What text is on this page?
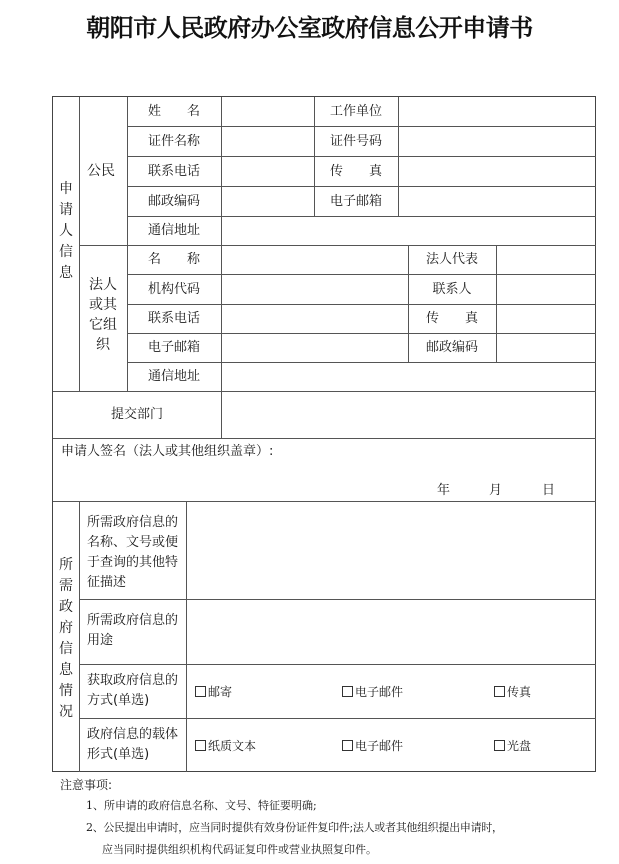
朝阳市人民政府办公室政府信息公开申请书
申请人信息
公民
法人或其它组织
姓　　名	工作单位
证件名称	证件号码
联系电话	传　　真
邮政编码	电子邮箱
通信地址
名　　称	法人代表
机构代码	联系人
联系电话	传　　真
电子邮箱	邮政编码
通信地址
提交部门
申请人签名（法人或其他组织盖章）:
年	月	日
所需政府信息情况
所需政府信息的名称、文号或便于查询的其他特征描述
所需政府信息的用途
获取政府信息的方式(单选)
邮寄	电子邮件	传真
政府信息的载体形式(单选)
纸质文本	电子邮件	光盘
注意事项:
1、所申请的政府信息名称、文号、特征要明确;
2、公民提出申请时，应当同时提供有效身份证件复印件;法人或者其他组织提出申请时，
应当同时提供组织机构代码证复印件或营业执照复印件。
